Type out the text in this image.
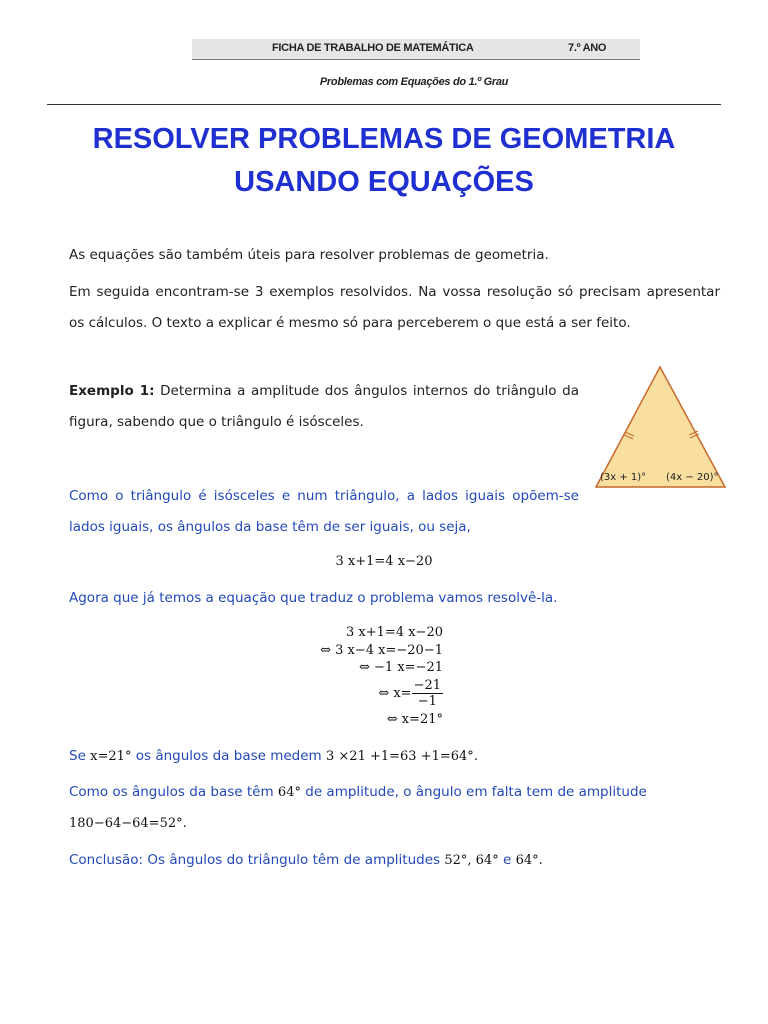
FICHA DE TRABALHO DE MATEMÁTICA	7.º ANO
Problemas com Equações do 1.º Grau
RESOLVER PROBLEMAS DE GEOMETRIA
USANDO EQUAÇÕES

As equações são também úteis para resolver problemas de geometria.

Em seguida encontram-se 3 exemplos resolvidos. Na vossa resolução só precisam apresentar os cálculos. O texto a explicar é mesmo só para perceberem o que está a ser feito.

Exemplo 1: Determina a amplitude dos ângulos internos do triângulo da figura, sabendo que o triângulo é isósceles.

(3x + 1)° (4x − 20)°

Como o triângulo é isósceles e num triângulo, a lados iguais opõem-se lados iguais, os ângulos da base têm de ser iguais, ou seja,

3 x+1=4 x−20

Agora que já temos a equação que traduz o problema vamos resolvê-la.

3 x+1=4 x−20
⇔ 3 x−4 x=−20−1
⇔ −1 x=−21
⇔ $x= \frac{-21}{-1}$
⇔ x=21°

Se x=21° os ângulos da base medem 3 ×21 +1=63 +1=64°.

Como os ângulos da base têm 64° de amplitude, o ângulo em falta tem de amplitude
180−64−64=52°.

Conclusão: Os ângulos do triângulo têm de amplitudes 52°, 64° e 64°.
